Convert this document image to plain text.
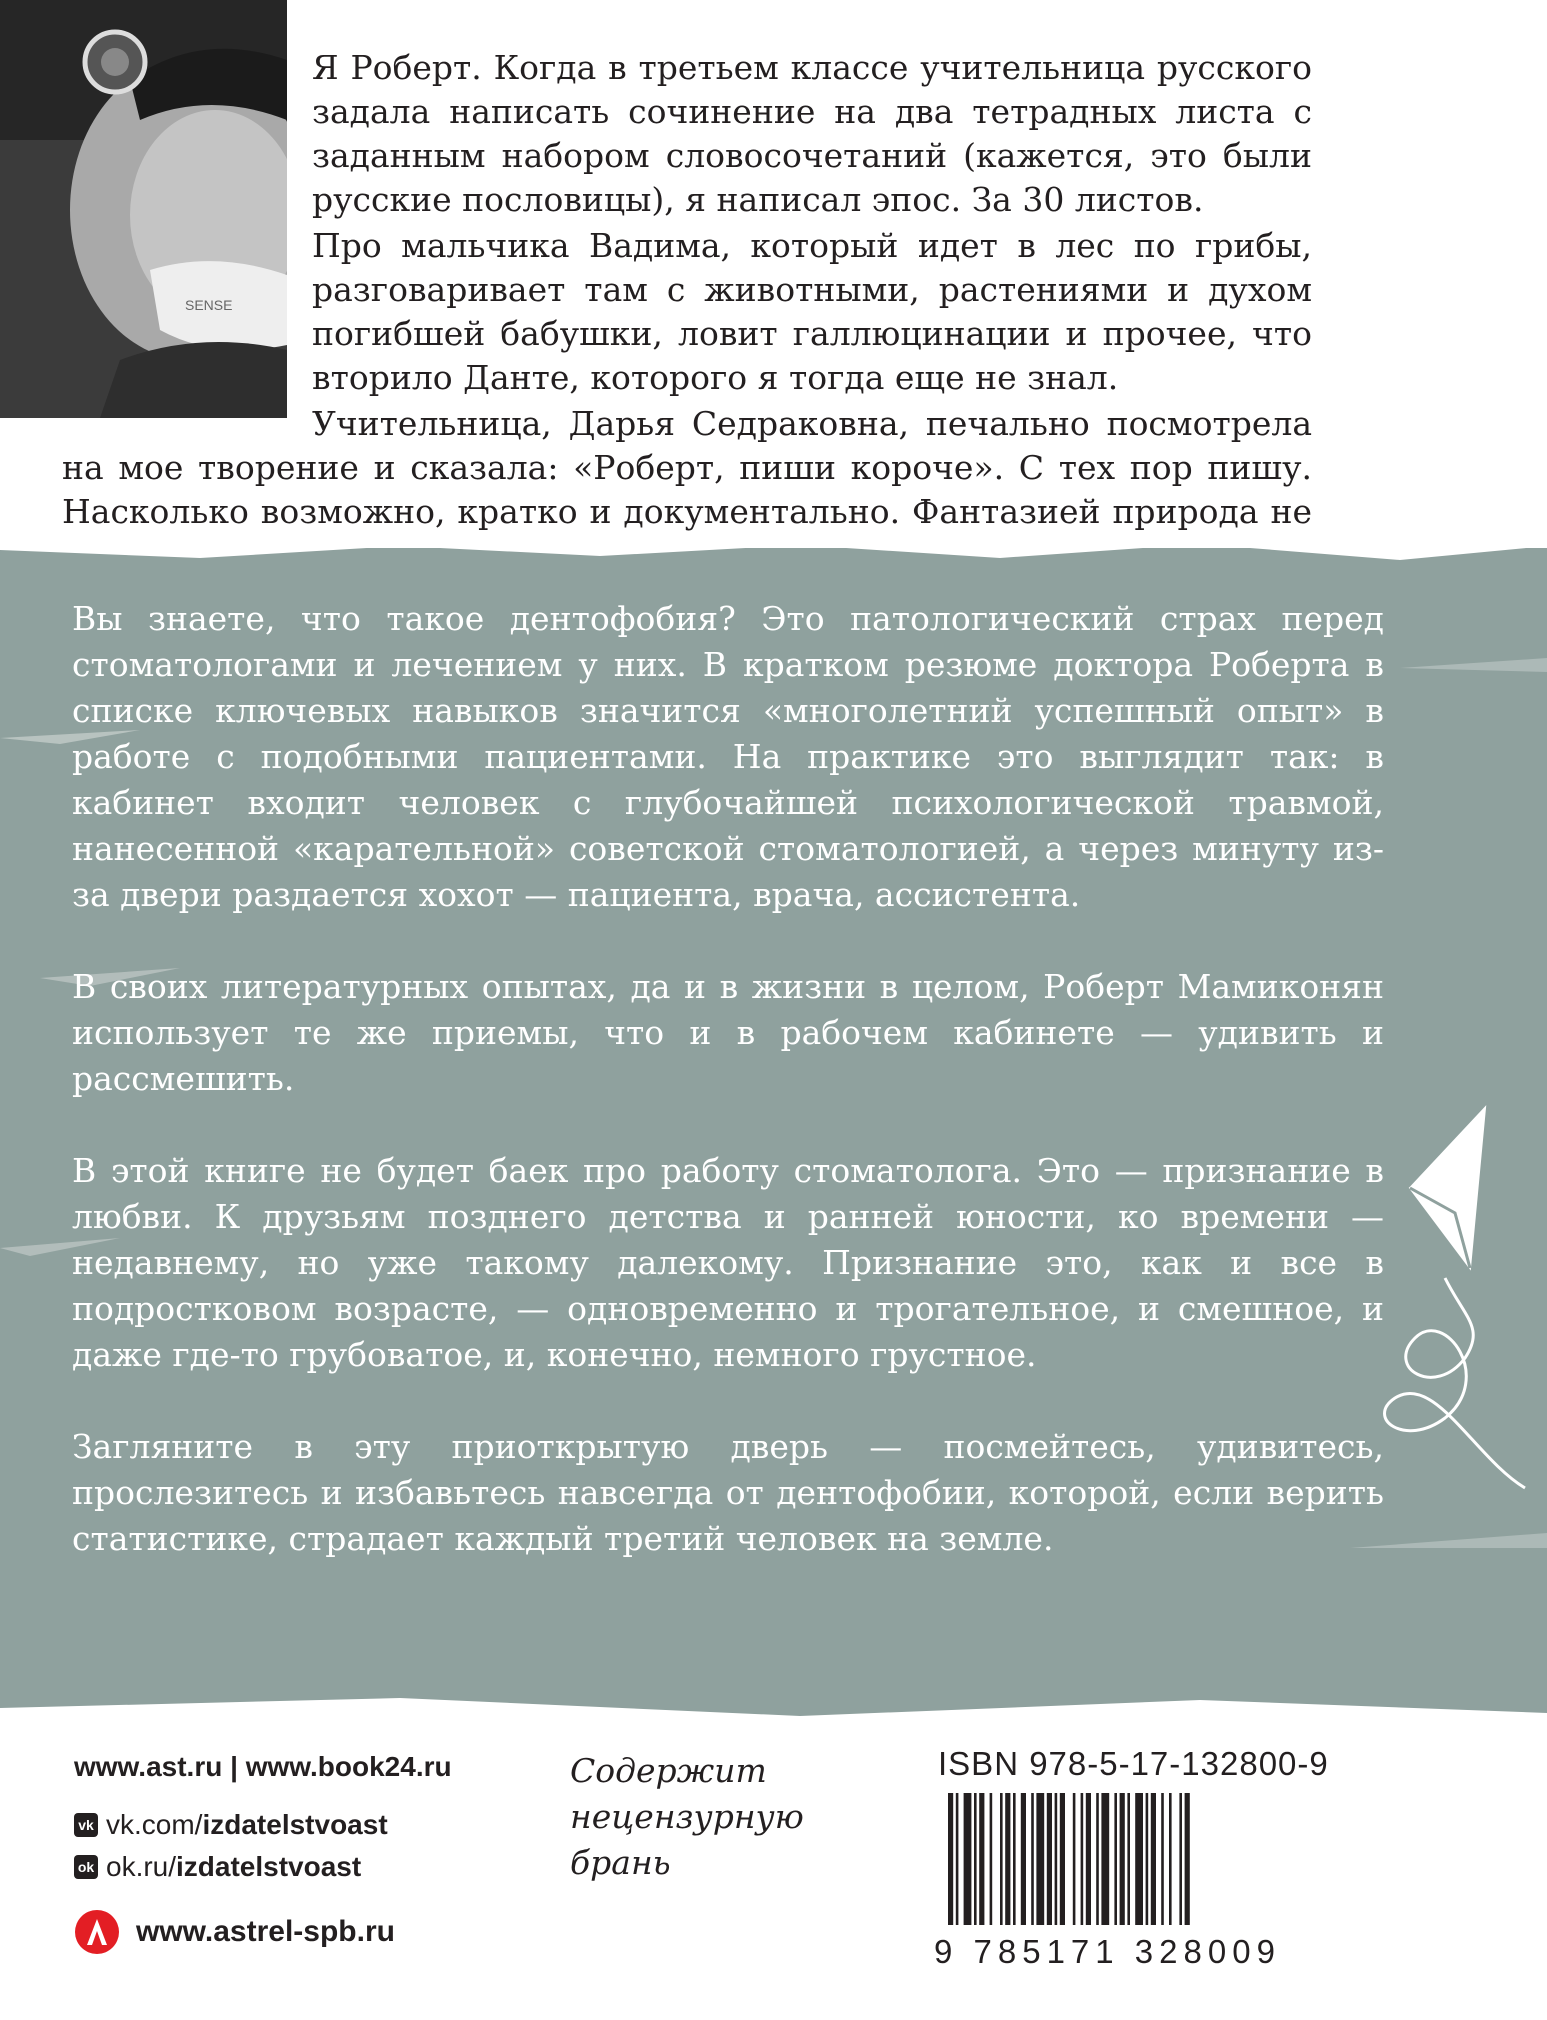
SENSE

Я Роберт. Когда в третьем классе учительница русского задала написать сочинение на два тетрадных листа с заданным набором словосочетаний (кажется, это были русские пословицы), я написал эпос. За 30 листов.

Про мальчика Вадима, который идет в лес по грибы, разговаривает там с животными, растениями и духом погибшей бабушки, ловит галлюцинации и прочее, что вторило Данте, которого я тогда еще не знал.

Учительница, Дарья Седраковна, печально посмотрела на мое творение и сказала: «Роберт, пиши короче». С тех пор пишу. Насколько возможно, кратко и документально. Фантазией природа не

Вы знаете, что такое дентофобия? Это патологический страх перед стоматологами и лечением у них. В кратком резюме доктора Роберта в списке ключевых навыков значится «многолетний успешный опыт» в работе с подобными пациентами. На практике это выглядит так: в кабинет входит человек с глубочайшей психологической травмой, нанесенной «карательной» советской стоматологией, а через минуту из-за двери раздается хохот — пациента, врача, ассистента.

В своих литературных опытах, да и в жизни в целом, Роберт Мамиконян использует те же приемы, что и в рабочем кабинете — удивить и рассмешить.

В этой книге не будет баек про работу стоматолога. Это — признание в любви. К друзьям позднего детства и ранней юности, ко времени — недавнему, но уже такому далекому. Признание это, как и все в подростковом возрасте, — одновременно и трогательное, и смешное, и даже где-то грубоватое, и, конечно, немного грустное.

Загляните в эту приоткрытую дверь — посмейтесь, удивитесь, прослезитесь и избавьтесь навсегда от дентофобии, которой, если верить статистике, страдает каждый третий человек на земле.

www.ast.ru | www.book24.ru
vk vk.com/ izdatelstvoast
ok ok.ru/ izdatelstvoast
www.astrel-spb.ru
Содержит
нецензурную
брань
ISBN 978-5-17-132800-9
9 785171 328009
